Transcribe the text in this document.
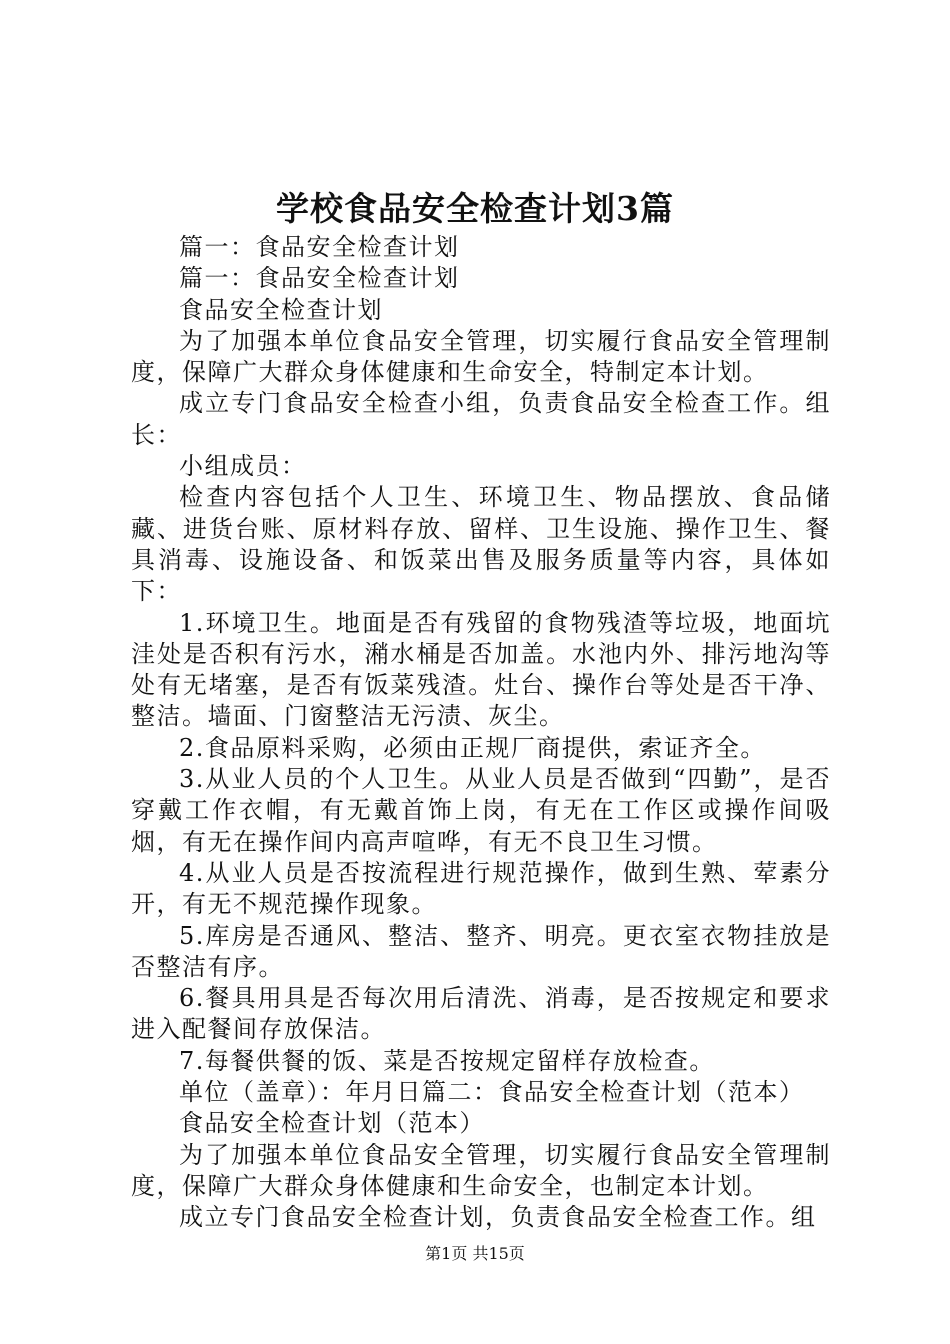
学校食品安全检查计划3篇

篇一：食品安全检查计划

篇一：食品安全检查计划

食品安全检查计划

为了加强本单位食品安全管理，切实履行食品安全管理制度，保障广大群众身体健康和生命安全，特制定本计划。

成立专门食品安全检查小组，负责食品安全检查工作。组长：

小组成员：

检查内容包括个人卫生、环境卫生、物品摆放、食品储藏、进货台账、原材料存放、留样、卫生设施、操作卫生、餐具消毒、设施设备、和饭菜出售及服务质量等内容，具体如下：

1.环境卫生。地面是否有残留的食物残渣等垃圾，地面坑洼处是否积有污水，潲水桶是否加盖。水池内外、排污地沟等处有无堵塞，是否有饭菜残渣。灶台、操作台等处是否干净、整洁。墙面、门窗整洁无污渍、灰尘。

2.食品原料采购，必须由正规厂商提供，索证齐全。

3.从业人员的个人卫生。从业人员是否做到“四勤”，是否穿戴工作衣帽，有无戴首饰上岗，有无在工作区或操作间吸烟，有无在操作间内高声喧哗，有无不良卫生习惯。

4.从业人员是否按流程进行规范操作，做到生熟、荤素分开，有无不规范操作现象。

5.库房是否通风、整洁、整齐、明亮。更衣室衣物挂放是否整洁有序。

6.餐具用具是否每次用后清洗、消毒，是否按规定和要求进入配餐间存放保洁。

7.每餐供餐的饭、菜是否按规定留样存放检查。

单位（盖章）：年月日篇二：食品安全检查计划（范本）

食品安全检查计划（范本）

为了加强本单位食品安全管理，切实履行食品安全管理制度，保障广大群众身体健康和生命安全，也制定本计划。

成立专门食品安全检查计划，负责食品安全检查工作。组

第1页 共15页
